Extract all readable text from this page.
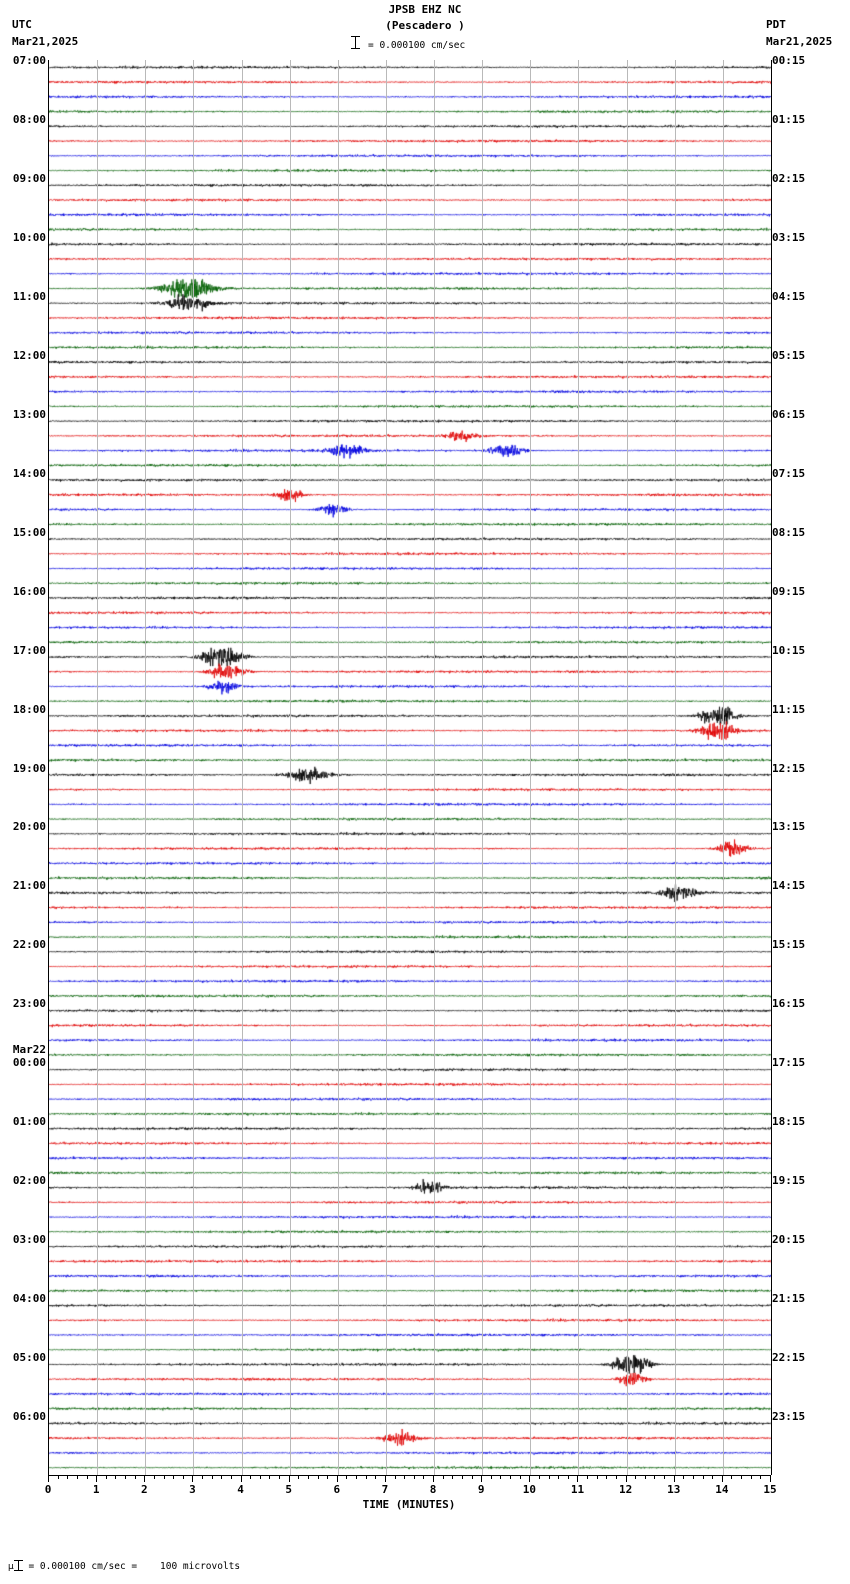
JPSB EHZ NC
(Pescadero )
UTC
Mar21,2025
PDT
Mar21,2025
= 0.000100 cm/sec
07:00
08:00
09:00
10:00
11:00
12:00
13:00
14:00
15:00
16:00
17:00
18:00
19:00
20:00
21:00
22:00
23:00
Mar22
00:00
01:00
02:00
03:00
04:00
05:00
06:00
00:15
01:15
02:15
03:15
04:15
05:15
06:15
07:15
08:15
09:15
10:15
11:15
12:15
13:15
14:15
15:15
16:15
17:15
18:15
19:15
20:15
21:15
22:15
23:15
0	1	2	3	4	5	6	7	8	9	10	11	12	13	14	15
TIME (MINUTES)
μ = 0.000100 cm/sec = 100 microvolts
